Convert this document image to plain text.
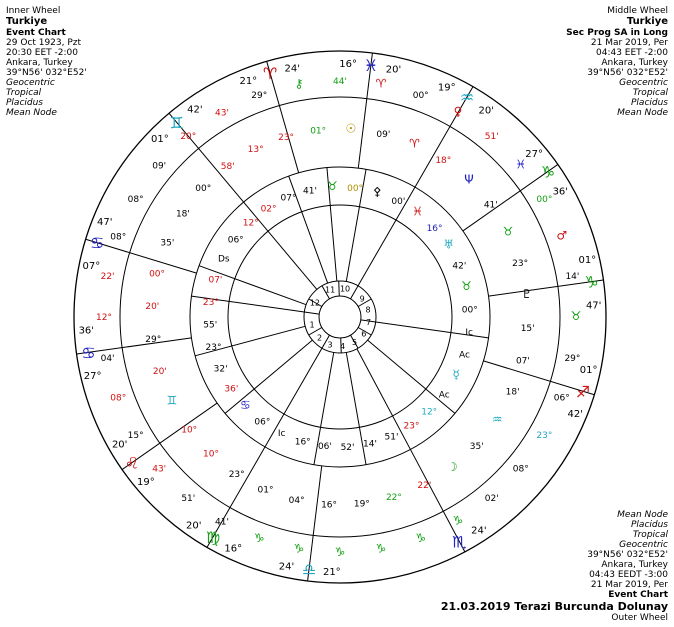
Inner Wheel
Turkiye
Event Chart
29 Oct 1923, Pzt
20:30 EET -2:00
Ankara, Turkey
39°N56' 032°E52'
Geocentric
Tropical
Placidus
Mean Node
Middle Wheel
Turkiye
Sec Prog SA in Long
21 Mar 2019, Per
04:43 EET -2:00
Ankara, Turkey
39°N56' 032°E52'
Geocentric
Tropical
Placidus
Mean Node
Mean Node
Placidus
Tropical
Geocentric
39°N56' 032°E52'
Ankara, Turkey
04:43 EEDT -3:00
21 Mar 2019, Per
Event Chart
21.03.2019 Terazi Burcunda Dolunay
Outer Wheel
21° ♈ 24'	16° ♓ 20'
19°
♒
20'
27°
♑
36'
01°
♑
47'
01°
♐
42'
24'
♏
21°
♎
24'
16°
♍
20'
19°
♌
20'
27°
♋
36'
07°
♋
47'
01°
♊
42'
1
2
3 4 5
6
7
8
9
10
11
12
⚷
01°
♉
44'
☉
00°
♈
09'
⚴
00°
♈
00'
♀
18°
♓
51'
Ψ
16°
♓
41'
♅
00°
♉
42'
♂
23°
♉
14'
♇
00°	♉
15'
Ic
29°
07'
Ac
06°
18'
☿
23°
♒
Ac
08°
35'
12°
02'
☽
23°
♑
22'
51'
♑
22°
14'
♑
19°
52'
♑
16°
06'
♑
04°
16°
♑
01°
Ic
41'
23°
06°
51'
10°
♋
43'
10°
36'
15°
♊
32'
08°
20'
23°
04'
29°
55'
12°
20'	23°
22'	00°
07'
08°
35'
Ds
08°
18'
06°
09'
00°
12°
20°
58'
02°
43'
13°
07°
29°
23°
41'
